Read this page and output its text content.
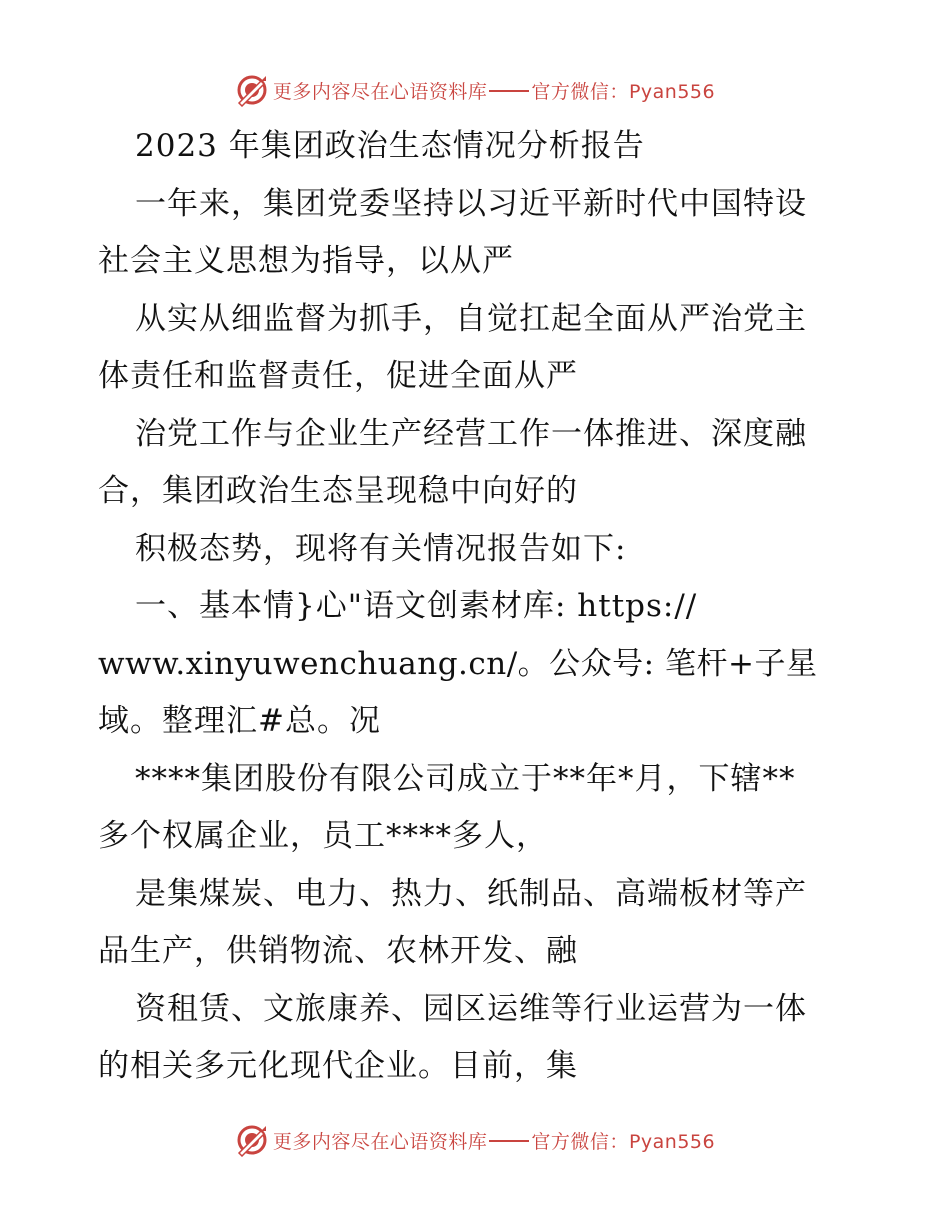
更多内容尽在心语资料库 官方微信：Pyan556
2023 年集团政治生态情况分析报告
一年来，集团党委坚持以习近平新时代中国特设
社会主义思想为指导，以从严
从实从细监督为抓手，自觉扛起全面从严治党主
体责任和监督责任，促进全面从严
治党工作与企业生产经营工作一体推进、深度融
合，集团政治生态呈现稳中向好的
积极态势，现将有关情况报告如下:
一、基本情}心"语文创素材库: https://
www.xinyuwenchuang.cn/。公众号: 笔杆+子星
域。整理汇#总。况
****集团股份有限公司成立于**年*月，下辖**
多个权属企业，员工****多人，
是集煤炭、电力、热力、纸制品、高端板材等产
品生产，供销物流、农林开发、融
资租赁、文旅康养、园区运维等行业运营为一体
的相关多元化现代企业。目前，集
更多内容尽在心语资料库 官方微信：Pyan556
